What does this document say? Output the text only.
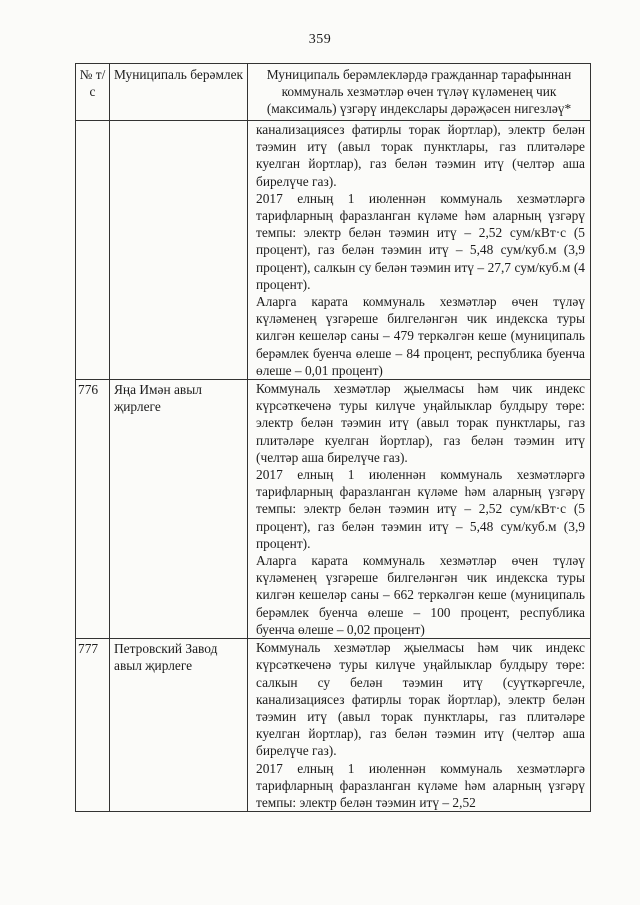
359
№ т/с	Муниципаль берәмлек	Муниципаль берәмлекләрдә гражданнар тарафыннан коммуналь хезмәтләр өчен түләү күләменең чик (максималь) үзгәрү индекслары дәрәҗәсен нигезләү*

		канализациясез фатирлы торак йортлар), электр белән тәэмин итү (авыл торак пунктлары, газ плитәләре куелган йортлар), газ белән тәэмин итү (челтәр аша бирелүче газ).
2017 елның 1 июленнән коммуналь хезмәтләргә тарифларның фаразланган күләме һәм аларның үзгәрү темпы: электр белән тәэмин итү – 2,52 сум/кВт·с (5 процент), газ белән тәэмин итү – 5,48 сум/куб.м (3,9 процент), салкын су белән тәэмин итү – 27,7 сум/куб.м (4 процент).
Аларга карата коммуналь хезмәтләр өчен түләү күләменең үзгәреше билгеләнгән чик индекска туры килгән кешеләр саны – 479 теркәлгән кеше (муниципаль берәмлек буенча өлеше – 84 процент, республика буенча өлеше – 0,01 процент)

776	Яңа Имән авыл җирлеге	Коммуналь хезмәтләр җыелмасы һәм чик индекс күрсәткеченә туры килүче уңайлыклар булдыру төре: электр белән тәэмин итү (авыл торак пунктлары, газ плитәләре куелган йортлар), газ белән тәэмин итү (челтәр аша бирелүче газ).
2017 елның 1 июленнән коммуналь хезмәтләргә тарифларның фаразланган күләме һәм аларның үзгәрү темпы: электр белән тәэмин итү – 2,52 сум/кВт·с (5 процент), газ белән тәэмин итү – 5,48 сум/куб.м (3,9 процент).
Аларга карата коммуналь хезмәтләр өчен түләү күләменең үзгәреше билгеләнгән чик индекска туры килгән кешеләр саны – 662 теркәлгән кеше (муниципаль берәмлек буенча өлеше – 100 процент, республика буенча өлеше – 0,02 процент)

777	Петровский Завод авыл җирлеге	Коммуналь хезмәтләр җыелмасы һәм чик индекс күрсәткеченә туры килүче уңайлыклар булдыру төре: салкын су белән тәэмин итү (суүткәргечле, канализациясез фатирлы торак йортлар), электр белән тәэмин итү (авыл торак пунктлары, газ плитәләре куелган йортлар), газ белән тәэмин итү (челтәр аша бирелүче газ).
2017 елның 1 июленнән коммуналь хезмәтләргә тарифларның фаразланган күләме һәм аларның үзгәрү темпы: электр белән тәэмин итү – 2,52
